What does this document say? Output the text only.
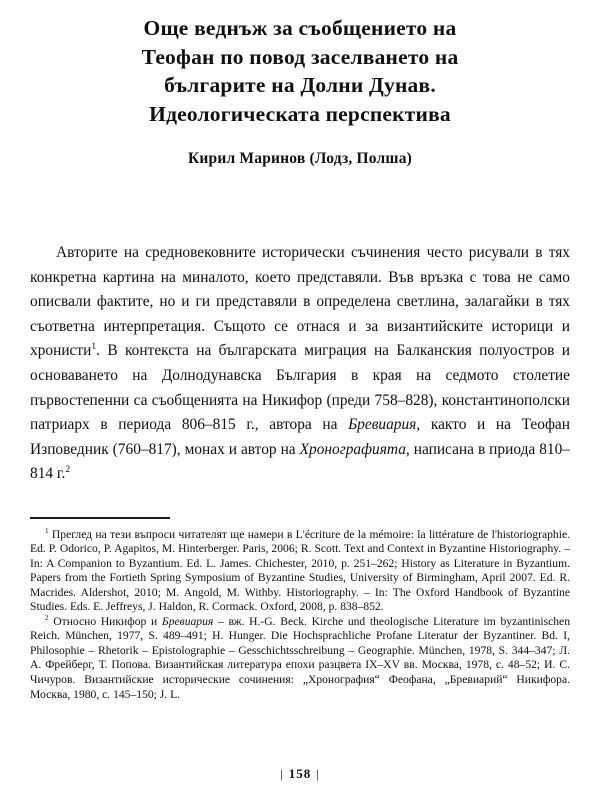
Още веднъж за съобщението на
Теофан по повод заселването на
българите на Долни Дунав.
Идеологическата перспектива
Кирил Маринов (Лодз, Полша)

Авторите на средновековните исторически съчинения често рисували в тях конкретна картина на миналото, което представяли. Във връзка с това не само описвали фактите, но и ги представяли в определена светлина, залагайки в тях съответна интерпретация. Същото се отнася и за византийските историци и хронисти$^1$. В контекста на българската миграция на Балканския полуостров и основаването на Долнодунавска България в края на седмото столетие първостепенни са съобщенията на Никифор (преди 758–828), константинополски патриарх в периода 806–815 г., автора на Бревиария, както и на Теофан Изповедник (760–817), монах и автор на Хронографията, написана в приода 810–814 г.$^2$

$^1$ Преглед на тези въпроси читателят ще намери в L'écriture de la mémoire: la littérature de l'historiographie. Ed. P. Odorico, P. Agapitos, M. Hinterberger. Paris, 2006; R. Scott. Text and Context in Byzantine Historiography. – In: A Companion to Byzantium. Ed. L. James. Chichester, 2010, p. 251–262; History as Literature in Byzantium. Papers from the Fortieth Spring Symposium of Byzantine Studies, University of Birmingham, April 2007. Ed. R. Macrides. Aldershot, 2010; M. Angold, M. Withby. Historiography. – In: The Oxford Handbook of Byzantine Studies. Eds. E. Jeffreys, J. Haldon, R. Cormack. Oxford, 2008, p. 838–852.

$^2$ Относно Никифор и Бревиария – вж. H.-G. Beck. Kirche und theologische Literature im byzantinischen Reich. München, 1977, S. 489–491; H. Hunger. Die Hochsprachliche Profane Literatur der Byzantiner. Bd. I, Philosophie – Rhetorik – Epistolographie – Gesschichtsschreibung – Geographie. München, 1978, S. 344–347; Л. А. Фрейберг, Т. Попова. Византийская литература епохи разцвета IX–XV вв. Москва, 1978, с. 48–52; И. С. Чичуров. Византийские исторические сочинения: „Хронография“ Феофана, „Бревиарий“ Никифора. Москва, 1980, с. 145–150; J. L.

| 158 |
